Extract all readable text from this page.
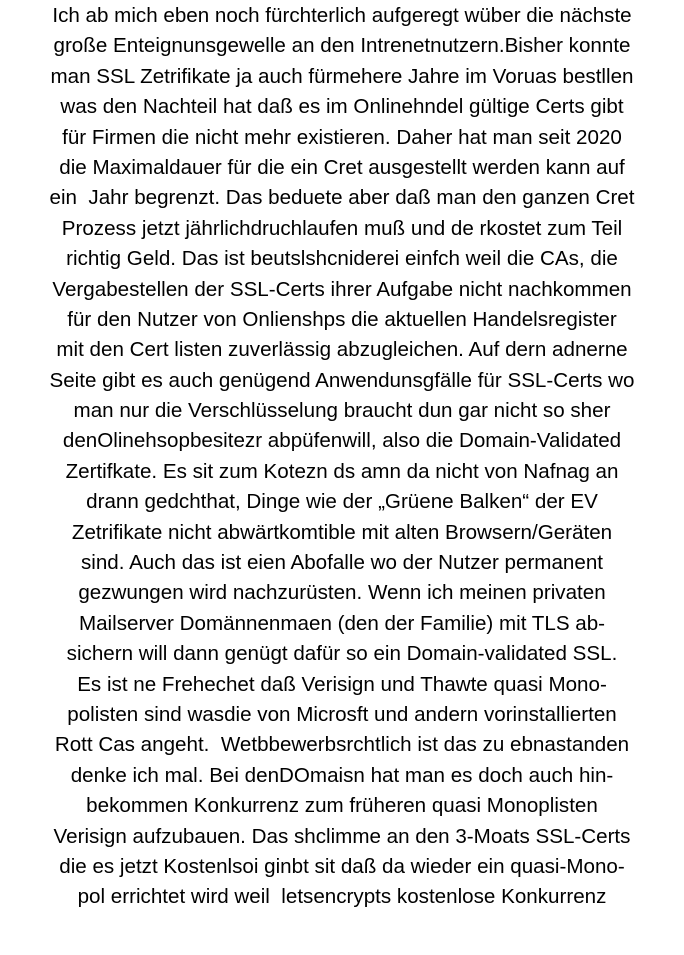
Ich ab mich eben noch fürchterlich aufgeregt wüber die nächste
große Enteignunsgewelle an den Intrenetnutzern.Bisher konnte
man SSL Zetrifikate ja auch fürmehere Jahre im Voruas bestllen
was den Nachteil hat daß es im Onlinehndel gültige Certs gibt
für Firmen die nicht mehr existieren. Daher hat man seit 2020
die Maximaldauer für die ein Cret ausgestellt werden kann auf
ein  Jahr begrenzt. Das beduete aber daß man den ganzen Cret
Prozess jetzt jährlichdruchlaufen muß und de rkostet zum Teil
richtig Geld. Das ist beutslshcniderei einfch weil die CAs, die
Vergabestellen der SSL-Certs ihrer Aufgabe nicht nachkommen
für den Nutzer von Onlienshps die aktuellen Handelsregister
mit den Cert listen zuverlässig abzugleichen. Auf dern adnerne
Seite gibt es auch genügend Anwendunsgfälle für SSL-Certs wo
man nur die Verschlüsselung braucht dun gar nicht so sher
denOlinehsopbesitezr abpüfenwill, also die Domain-Validated
Zertifkate. Es sit zum Kotezn ds amn da nicht von Nafnag an
drann gedchthat, Dinge wie der „Grüene Balken“ der EV
Zetrifikate nicht abwärtkomtible mit alten Browsern/Geräten
sind. Auch das ist eien Abofalle wo der Nutzer permanent
gezwungen wird nachzurüsten. Wenn ich meinen privaten
Mailserver Domännenmaen (den der Familie) mit TLS ab-
sichern will dann genügt dafür so ein Domain-validated SSL.
Es ist ne Frehechet daß Verisign und Thawte quasi Mono-
polisten sind wasdie von Microsft und andern vorinstallierten
Rott Cas angeht.  Wetbbewerbsrchtlich ist das zu ebnastanden
denke ich mal. Bei denDOmaisn hat man es doch auch hin-
bekommen Konkurrenz zum früheren quasi Monoplisten
Verisign aufzubauen. Das shclimme an den 3-Moats SSL-Certs
die es jetzt Kostenlsoi ginbt sit daß da wieder ein quasi-Mono-
pol errichtet wird weil  letsencrypts kostenlose Konkurrenz
